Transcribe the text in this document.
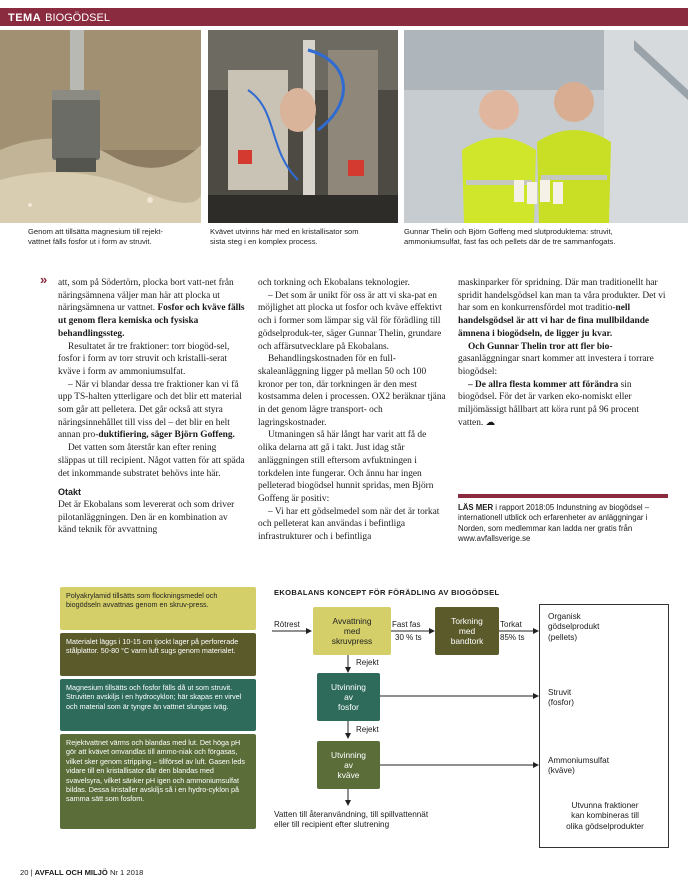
TEMA BIOGÖDSEL
Genom att tillsätta magnesium till rejekt-
vattnet fälls fosfor ut i form av struvit.
Kvävet utvinns här med en kristallisator som
sista steg i en komplex process.
Gunnar Thelin och Björn Goffeng med slutproduktema: struvit,
ammoniumsulfat, fast fas och pellets där de tre sammanfogats.
» att, som på Södertörn, plocka bort vatt-net från näringsämnena väljer man här att plocka ut näringsämnena ur vattnet. Fosfor och kväve fälls ut genom flera kemiska och fysiska behandlingssteg.

Resultatet är tre fraktioner: torr biogöd-sel, fosfor i form av torr struvit och kristalli-serat kväve i form av ammoniumsulfat.

– När vi blandar dessa tre fraktioner kan vi få upp TS-halten ytterligare och det blir ett material som går att pelletera. Det går också att styra näringsinnehållet till viss del – det blir en helt annan pro-duktifiering, säger Björn Goffeng.

Det vatten som återstår kan efter rening släppas ut till recipient. Något vatten för att späda det inkommande substratet behövs inte här.

Otakt

Det är Ekobalans som levererat och som driver pilotanläggningen. Den är en kombination av känd teknik för avvattning

och torkning och Ekobalans teknologier.

– Det som är unikt för oss är att vi ska-pat en möjlighet att plocka ut fosfor och kväve effektivt och i former som lämpar sig väl för förädling till gödselproduk-ter, säger Gunnar Thelin, grundare och affärsutvecklare på Ekobalans.

Behandlingskostnaden för en full-skaleanläggning ligger på mellan 50 och 100 kronor per ton, där torkningen är den mest kostsamma delen i processen. OX2 beräknar tjäna in det genom lägre transport- och lagringskostnader.

Utmaningen så här långt har varit att få de olika delarna att gå i takt. Just idag står anläggningen still eftersom avfuktningen i torkdelen inte fungerar. Och ännu har ingen pelleterad biogödsel hunnit spridas, men Björn Goffeng är positiv:

– Vi har ett gödselmedel som när det är torkat och pelleterat kan användas i befintliga infrastrukturer och i befintliga

maskinparker för spridning. Där man traditionellt har spridit handelsgödsel kan man ta våra produkter. Det vi har som en konkurrensfördel mot traditio-nell handelsgödsel är att vi har de fina mullbildande ämnena i biogödseln, de ligger ju kvar.

Och Gunnar Thelin tror att fler bio-gasanläggningar snart kommer att investera i torrare biogödsel:

– De allra flesta kommer att förändra sin biogödsel. För det är varken eko-nomiskt eller miljömässigt hållbart att köra runt på 96 procent vatten. ☁

LÄS MER i rapport 2018:05 Indunstning av biogödsel – internationell utblick och erfarenheter av anläggningar i Norden, som medlemmar kan ladda ner gratis från www.avfallsverige.se
Polyakrylamid tillsätts som flockningsmedel och biogödseln avvattnas genom en skruv-press.
Materialet läggs i 10-15 cm tjockt lager på perforerade stålplattor. 50-80 °C varm luft sugs genom materialet.
Magnesium tillsätts och fosfor fälls då ut som struvit. Struviten avskiljs i en hydrocyklon; här skapas en virvel och material som är tyngre än vattnet slungas iväg.
Rejektvattnet värms och blandas med lut. Det höga pH gör att kvävet omvandlas till ammo-niak och förgasas, vilket sker genom stripping – tillförsel av luft. Gasen leds vidare till en kristallisator där den blandas med svavelsyra, vilket sänker pH igen och ammoniumsulfat bildas. Dessa kristaller avskiljs så i en hydro-cyklon på samma sätt som fosfom.
EKOBALANS KONCEPT FÖR FÖRÄDLING AV BIOGÖDSEL
Rötrest	Avvattning
med
skruvpress
Fast fas
30 % ts
Torkning
med
bandtork
Torkat
85% ts
Rejekt
Utvinning
av
fosfor
Rejekt
Utvinning
av
kväve
Vatten till återanvändning, till spillvattennät
eller till recipient efter slutrening
Organisk
gödselprodukt
(pellets)
Struvit
(fosfor)
Ammoniumsulfat
(kväve)
Utvunna fraktioner
kan kombineras till
olika gödselprodukter
20 | AVFALL OCH MILJÖ Nr 1 2018
